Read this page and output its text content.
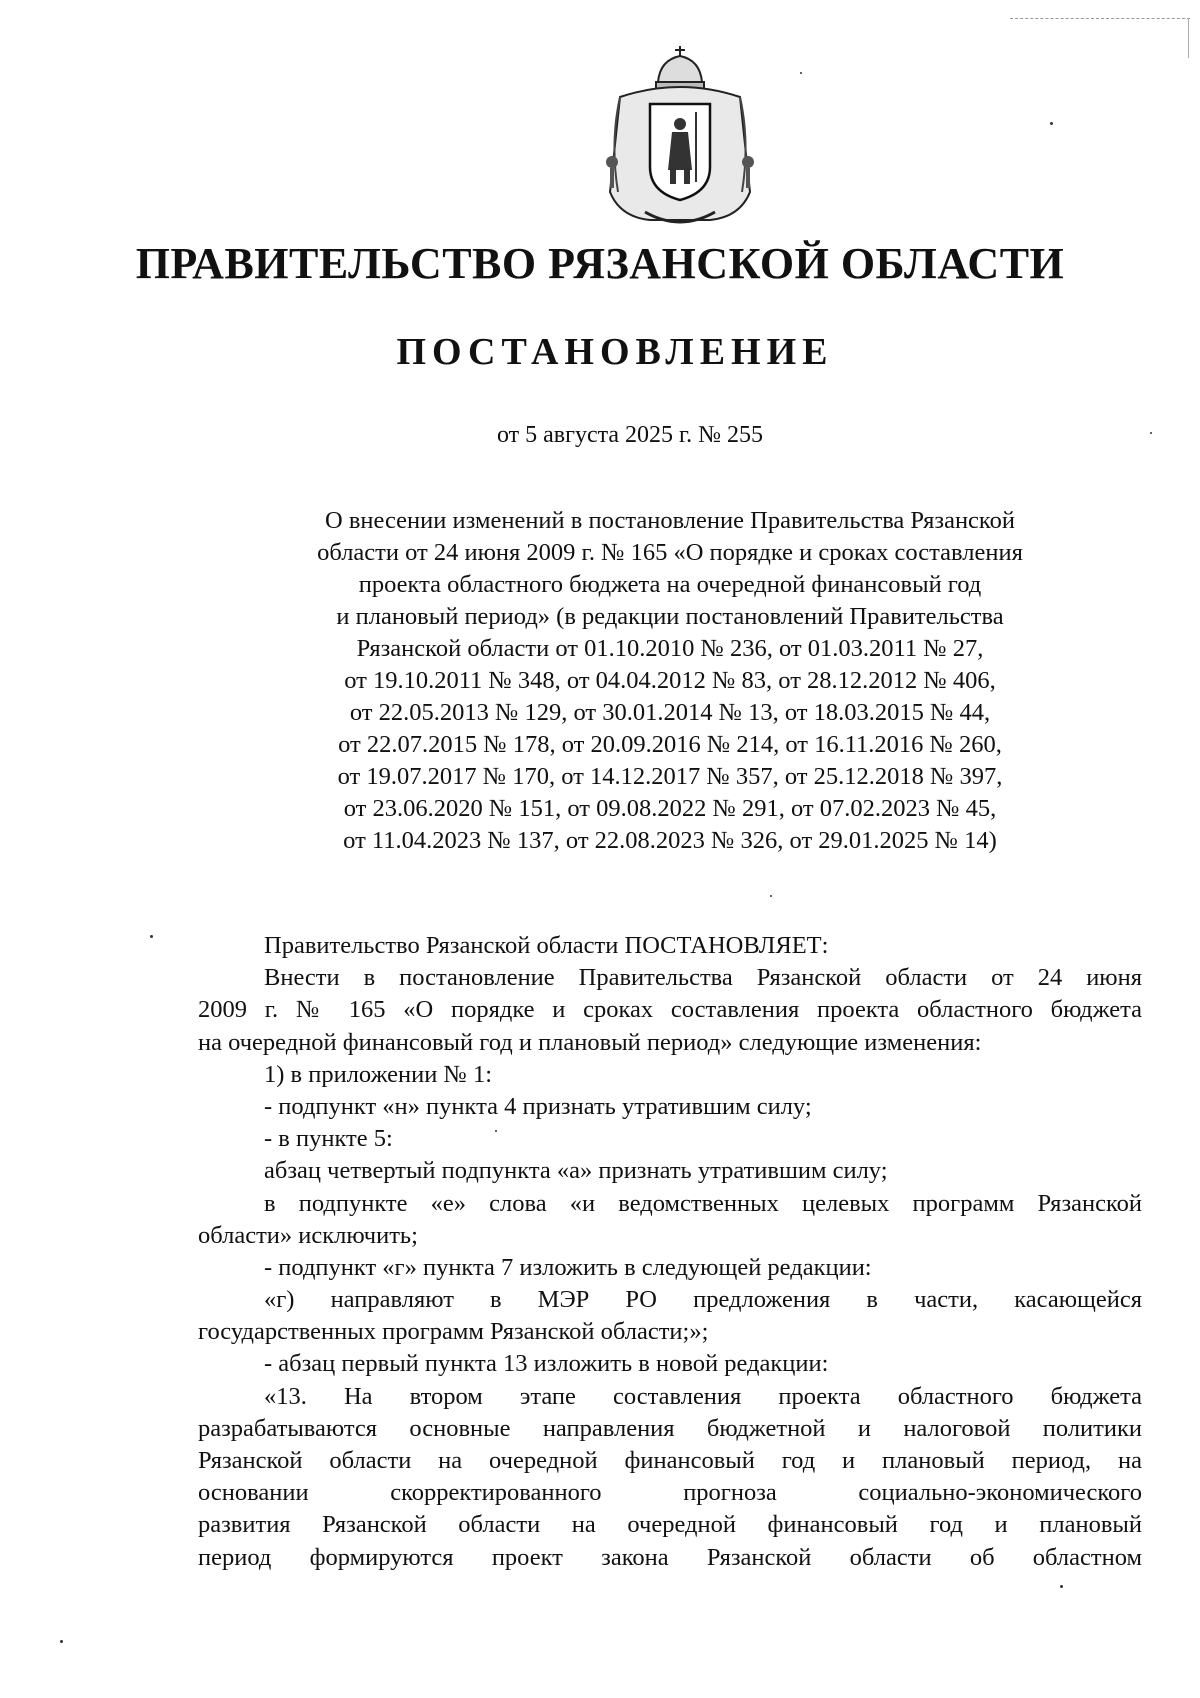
ПРАВИТЕЛЬСТВО РЯЗАНСКОЙ ОБЛАСТИ
ПОСТАНОВЛЕНИЕ
от 5 августа 2025 г. № 255
О внесении изменений в постановление Правительства Рязанской
области от 24 июня 2009 г. № 165 «О порядке и сроках составления
проекта областного бюджета на очередной финансовый год
и плановый период» (в редакции постановлений Правительства
Рязанской области от 01.10.2010 № 236, от 01.03.2011 № 27,
от 19.10.2011 № 348, от 04.04.2012 № 83, от 28.12.2012 № 406,
от 22.05.2013 № 129, от 30.01.2014 № 13, от 18.03.2015 № 44,
от 22.07.2015 № 178, от 20.09.2016 № 214, от 16.11.2016 № 260,
от 19.07.2017 № 170, от 14.12.2017 № 357, от 25.12.2018 № 397,
от 23.06.2020 № 151, от 09.08.2022 № 291, от 07.02.2023 № 45,
от 11.04.2023 № 137, от 22.08.2023 № 326, от 29.01.2025 № 14)
Правительство Рязанской области ПОСТАНОВЛЯЕТ:
Внести в постановление Правительства Рязанской области от 24 июня
2009 г. № 165 «О порядке и сроках составления проекта областного бюджета
на очередной финансовый год и плановый период» следующие изменения:
1) в приложении № 1:
- подпункт «н» пункта 4 признать утратившим силу;
- в пункте 5:
абзац четвертый подпункта «а» признать утратившим силу;
в подпункте «е» слова «и ведомственных целевых программ Рязанской
области» исключить;
- подпункт «г» пункта 7 изложить в следующей редакции:
«г) направляют в МЭР РО предложения в части, касающейся
государственных программ Рязанской области;»;
- абзац первый пункта 13 изложить в новой редакции:
«13. На втором этапе составления проекта областного бюджета
разрабатываются основные направления бюджетной и налоговой политики
Рязанской области на очередной финансовый год и плановый период, на
основании скорректированного прогноза социально-экономического
развития Рязанской области на очередной финансовый год и плановый
период формируются проект закона Рязанской области об областном
